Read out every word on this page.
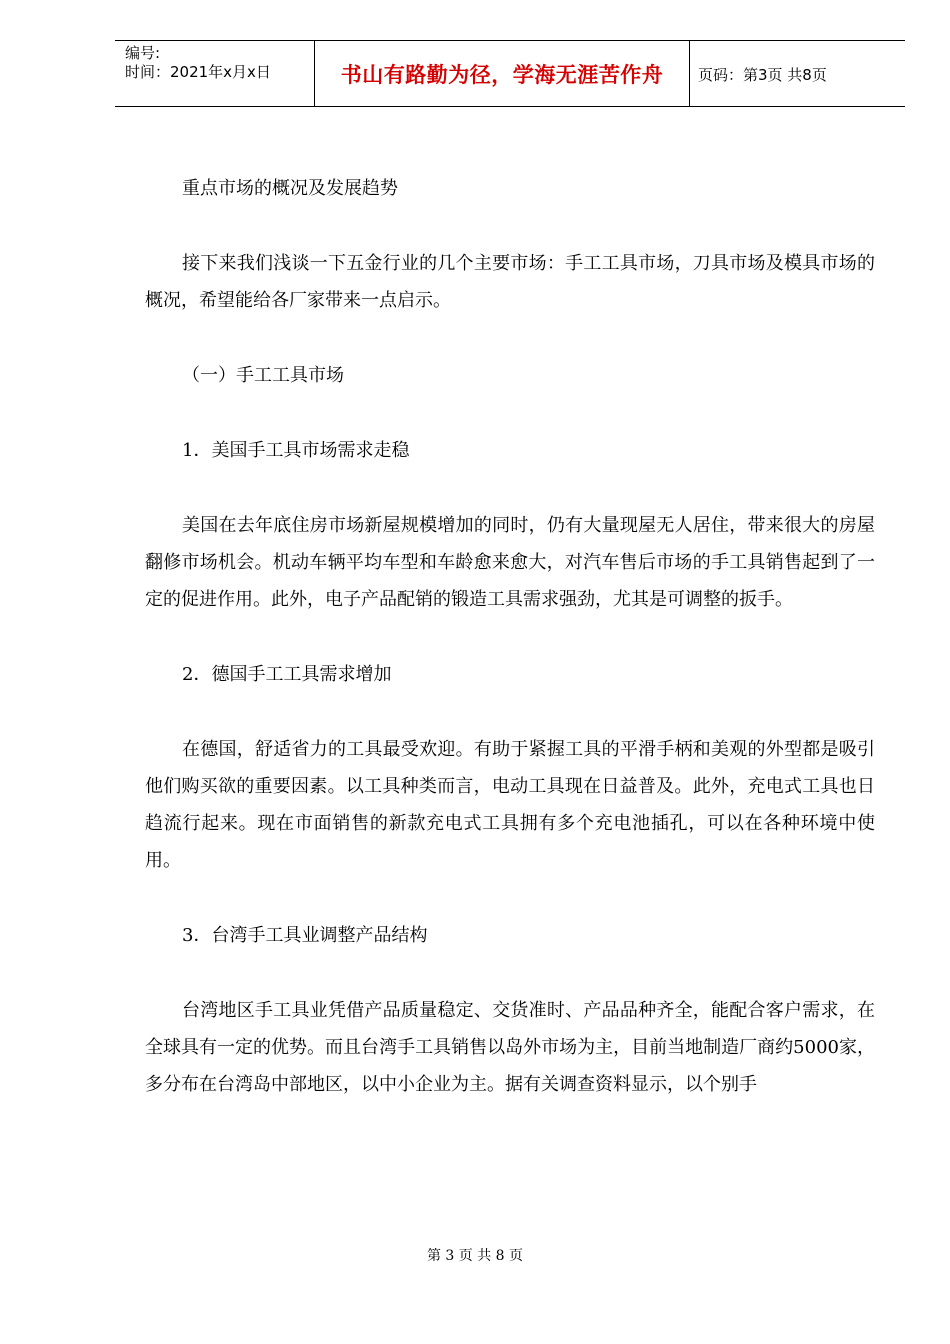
编号:
时间：2021年x月x日	书山有路勤为径，学海无涯苦作舟	页码：第3页 共8页

重点市场的概况及发展趋势

接下来我们浅谈一下五金行业的几个主要市场：手工工具市场，刀具市场及模具市场的概况，希望能给各厂家带来一点启示。

（一）手工工具市场

1．美国手工具市场需求走稳

美国在去年底住房市场新屋规模增加的同时，仍有大量现屋无人居住，带来很大的房屋翻修市场机会。机动车辆平均车型和车龄愈来愈大，对汽车售后市场的手工具销售起到了一定的促进作用。此外，电子产品配销的锻造工具需求强劲，尤其是可调整的扳手。

2．德国手工工具需求增加

在德国，舒适省力的工具最受欢迎。有助于紧握工具的平滑手柄和美观的外型都是吸引他们购买欲的重要因素。以工具种类而言，电动工具现在日益普及。此外，充电式工具也日趋流行起来。现在市面销售的新款充电式工具拥有多个充电池插孔，可以在各种环境中使用。

3．台湾手工具业调整产品结构

台湾地区手工具业凭借产品质量稳定、交货准时、产品品种齐全，能配合客户需求，在全球具有一定的优势。而且台湾手工具销售以岛外市场为主，目前当地制造厂商约5000家，多分布在台湾岛中部地区，以中小企业为主。据有关调查资料显示，以个别手

第 3 页 共 8 页
